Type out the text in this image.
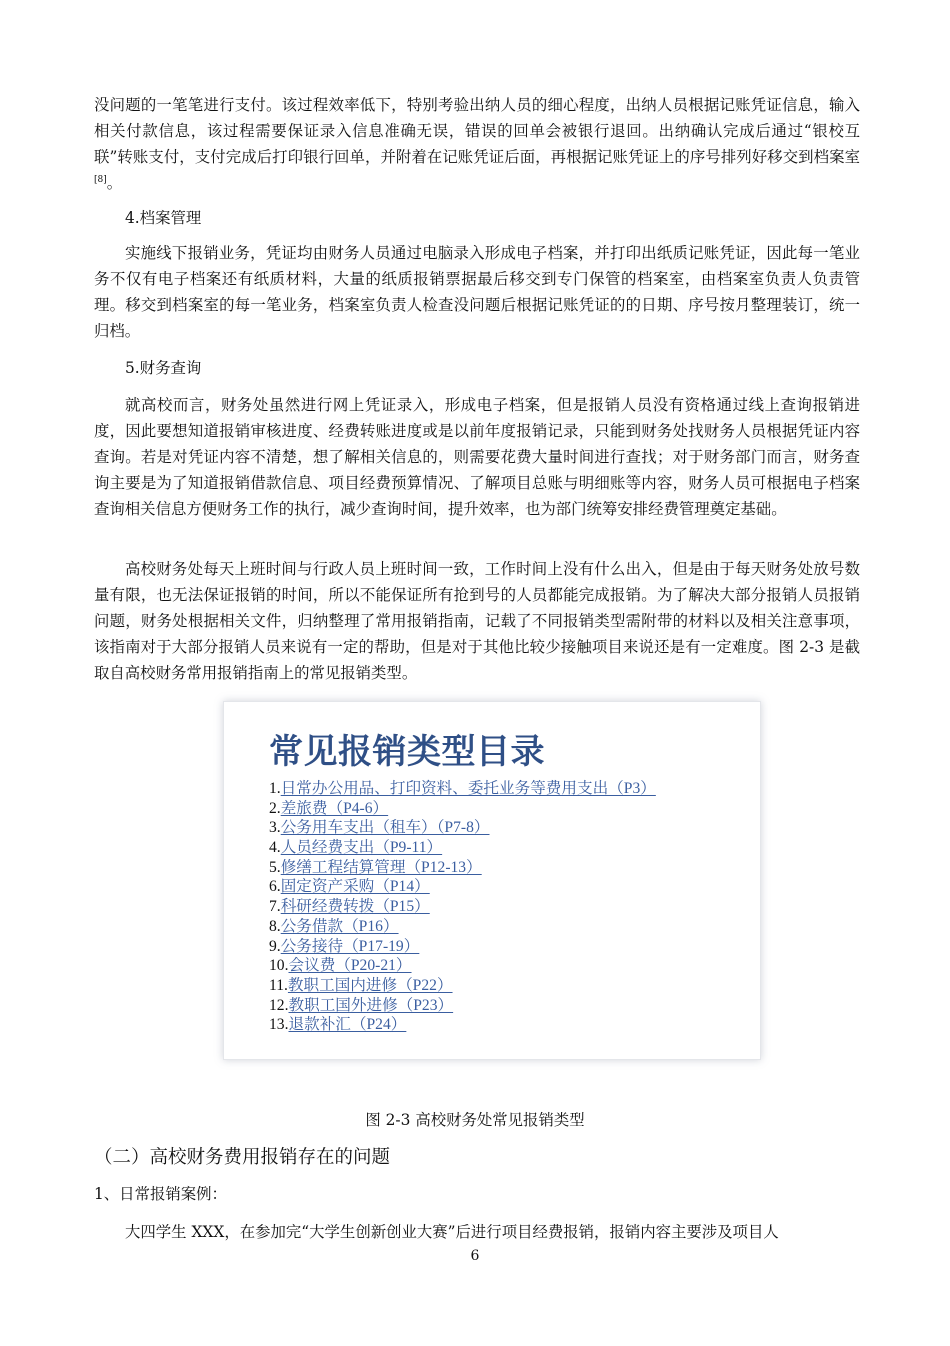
没问题的一笔笔进行支付。该过程效率低下，特别考验出纳人员的细心程度，出纳人员根据记账凭证信息，输入相关付款信息，该过程需要保证录入信息准确无误，错误的回单会被银行退回。出纳确认完成后通过“银校互联”转账支付，支付完成后打印银行回单，并附着在记账凭证后面，再根据记账凭证上的序号排列好移交到档案室[8]。

4.档案管理

实施线下报销业务，凭证均由财务人员通过电脑录入形成电子档案，并打印出纸质记账凭证，因此每一笔业务不仅有电子档案还有纸质材料，大量的纸质报销票据最后移交到专门保管的档案室，由档案室负责人负责管理。移交到档案室的每一笔业务，档案室负责人检查没问题后根据记账凭证的的日期、序号按月整理装订，统一归档。

5.财务查询

就高校而言，财务处虽然进行网上凭证录入，形成电子档案，但是报销人员没有资格通过线上查询报销进度，因此要想知道报销审核进度、经费转账进度或是以前年度报销记录，只能到财务处找财务人员根据凭证内容查询。若是对凭证内容不清楚，想了解相关信息的，则需要花费大量时间进行查找；对于财务部门而言，财务查询主要是为了知道报销借款信息、项目经费预算情况、了解项目总账与明细账等内容，财务人员可根据电子档案查询相关信息方便财务工作的执行，减少查询时间，提升效率，也为部门统筹安排经费管理奠定基础。

高校财务处每天上班时间与行政人员上班时间一致，工作时间上没有什么出入，但是由于每天财务处放号数量有限，也无法保证报销的时间，所以不能保证所有抢到号的人员都能完成报销。为了解决大部分报销人员报销问题，财务处根据相关文件，归纳整理了常用报销指南，记载了不同报销类型需附带的材料以及相关注意事项，该指南对于大部分报销人员来说有一定的帮助，但是对于其他比较少接触项目来说还是有一定难度。图 2-3 是截取自高校财务常用报销指南上的常见报销类型。

常见报销类型目录

1.日常办公用品、打印资料、委托业务等费用支出（P3）
2.差旅费（P4-6）
3.公务用车支出（租车）（P7-8）
4.人员经费支出（P9-11）
5.修缮工程结算管理（P12-13）
6.固定资产采购（P14）
7.科研经费转拨（P15）
8.公务借款（P16）
9.公务接待（P17-19）
10.会议费（P20-21）
11.教职工国内进修（P22）
12.教职工国外进修（P23）
13.退款补汇（P24）

图 2-3 高校财务处常见报销类型

（二）高校财务费用报销存在的问题

1、日常报销案例：

大四学生 XXX，在参加完“大学生创新创业大赛”后进行项目经费报销，报销内容主要涉及项目人

6
